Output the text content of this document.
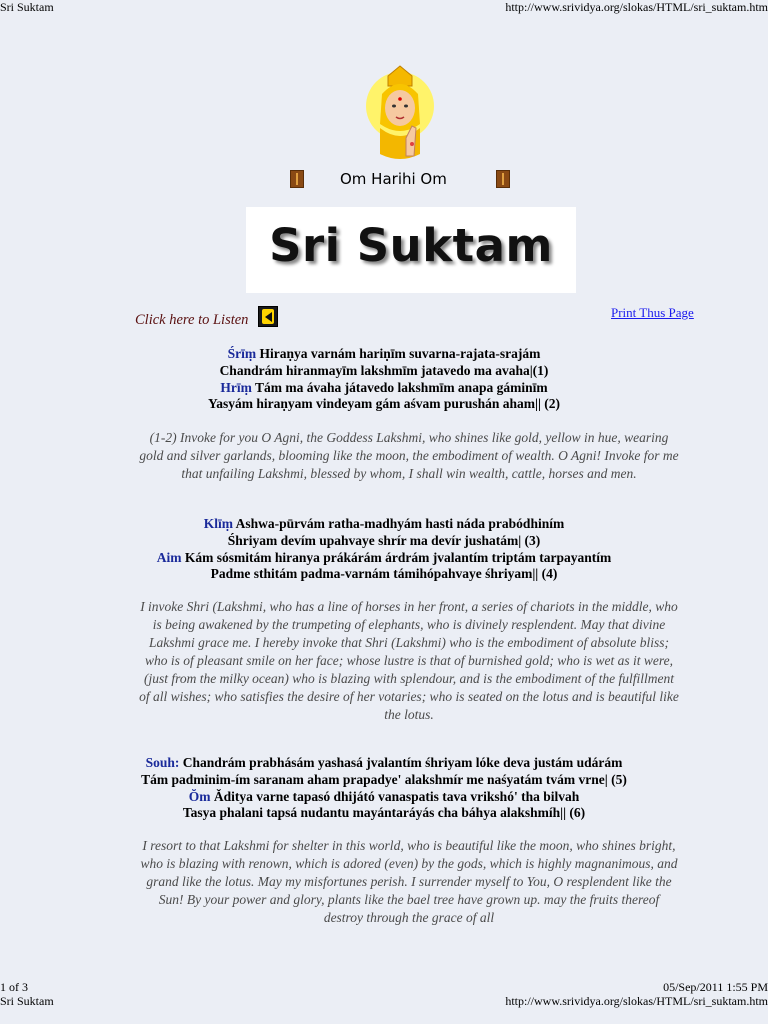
Sri Suktam	http://www.srividya.org/slokas/HTML/sri_suktam.htm
Om Harihi Om
Sri Suktam
Click here to Listen	Print Thus Page
Śrīṃ Hiraṇya varnám hariṇīm suvarna-rajata-srajám
Chandrám hiranmayīm lakshmīm jatavedo ma avaha|(1)
Hrīṃ Tám ma ávaha játavedo lakshmīm anapa gáminīm
Yasyám hiraṇyam vindeyam gám aśvam purushán aham|| (2)

(1-2) Invoke for you O Agni, the Goddess Lakshmi, who shines like gold, yellow in hue, wearing gold and silver garlands, blooming like the moon, the embodiment of wealth. O Agni! Invoke for me that unfailing Lakshmi, blessed by whom, I shall win wealth, cattle, horses and men.

Klīṃ Ashwa-pūrvám ratha-madhyám hasti náda prabódhiním
Śhriyam devím upahvaye shrír ma devír jushatám| (3)
Aim Kám sósmitám hiranya prákárám árdrám jvalantím triptám tarpayantím
Padme sthitám padma-varnám támihópahvaye śhriyam|| (4)

I invoke Shri (Lakshmi, who has a line of horses in her front, a series of chariots in the middle, who is being awakened by the trumpeting of elephants, who is divinely resplendent. May that divine Lakshmi grace me. I hereby invoke that Shri (Lakshmi) who is the embodiment of absolute bliss; who is of pleasant smile on her face; whose lustre is that of burnished gold; who is wet as it were, (just from the milky ocean) who is blazing with splendour, and is the embodiment of the fulfillment of all wishes; who satisfies the desire of her votaries; who is seated on the lotus and is beautiful like the lotus.

Souh: Chandrám prabhásám yashasá jvalantím śhriyam lóke deva justám udárám
Tám padminim-ím saranam aham prapadye' alakshmír me naśyatám tvám vrne| (5)
Ŏm Ǎditya varne tapasó dhijátó vanaspatis tava vrikshó' tha bilvah
Tasya phalani tapsá nudantu mayántaráyás cha báhya alakshmíh|| (6)

I resort to that Lakshmi for shelter in this world, who is beautiful like the moon, who shines bright, who is blazing with renown, which is adored (even) by the gods, which is highly magnanimous, and grand like the lotus. May my misfortunes perish. I surrender myself to You, O resplendent like the Sun! By your power and glory, plants like the bael tree have grown up. may the fruits thereof destroy through the grace of all

1 of 3	05/Sep/2011 1:55 PM
Sri Suktam	http://www.srividya.org/slokas/HTML/sri_suktam.htm
